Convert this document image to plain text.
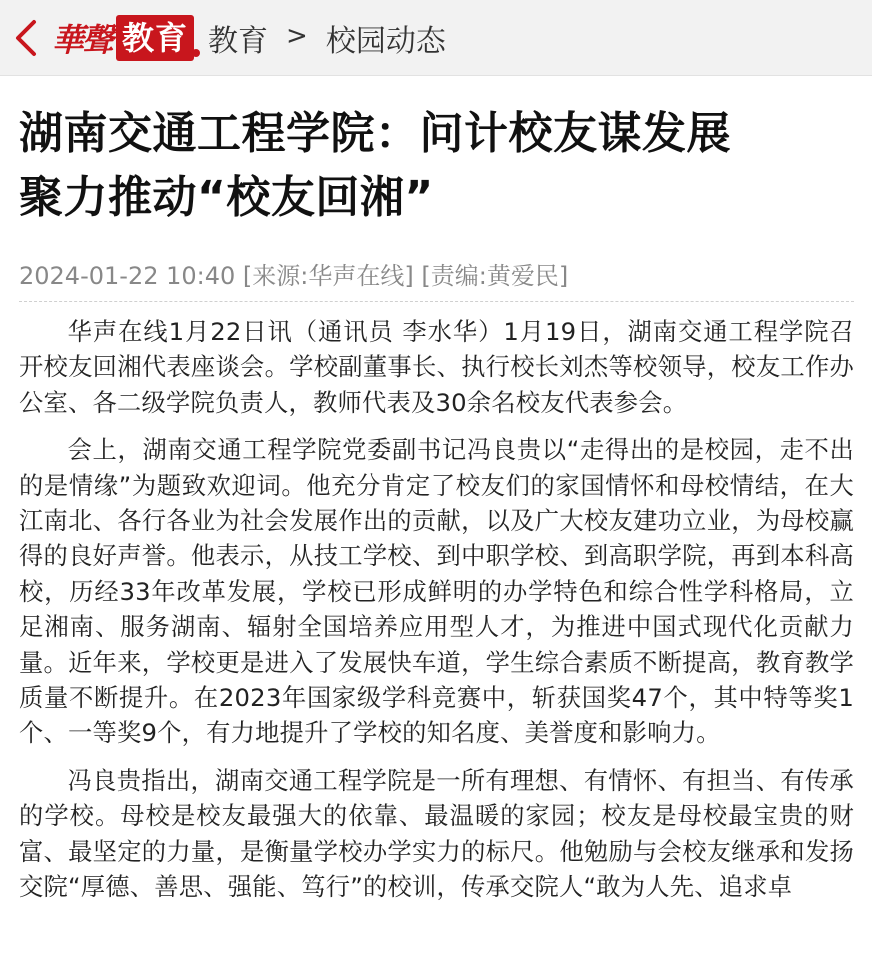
華聲 教育 教育 > 校园动态
湖南交通工程学院：问计校友谋发展
聚力推动“校友回湘”
2024-01-22 10:40 [来源:华声在线] [责编:黄爱民]

华声在线1月22日讯（通讯员 李水华）1月19日，湖南交通工程学院召开校友回湘代表座谈会。学校副董事长、执行校长刘杰等校领导，校友工作办公室、各二级学院负责人，教师代表及30余名校友代表参会。

会上，湖南交通工程学院党委副书记冯良贵以“走得出的是校园，走不出的是情缘”为题致欢迎词。他充分肯定了校友们的家国情怀和母校情结，在大江南北、各行各业为社会发展作出的贡献，以及广大校友建功立业，为母校赢得的良好声誉。他表示，从技工学校、到中职学校、到高职学院，再到本科高校，历经33年改革发展，学校已形成鲜明的办学特色和综合性学科格局，立足湘南、服务湖南、辐射全国培养应用型人才，为推进中国式现代化贡献力量。近年来，学校更是进入了发展快车道，学生综合素质不断提高，教育教学质量不断提升。在2023年国家级学科竞赛中，斩获国奖47个，其中特等奖1个、一等奖9个，有力地提升了学校的知名度、美誉度和影响力。

冯良贵指出，湖南交通工程学院是一所有理想、有情怀、有担当、有传承的学校。母校是校友最强大的依靠、最温暖的家园；校友是母校最宝贵的财富、最坚定的力量，是衡量学校办学实力的标尺。他勉励与会校友继承和发扬交院“厚德、善思、强能、笃行”的校训，传承交院人“敢为人先、追求卓
